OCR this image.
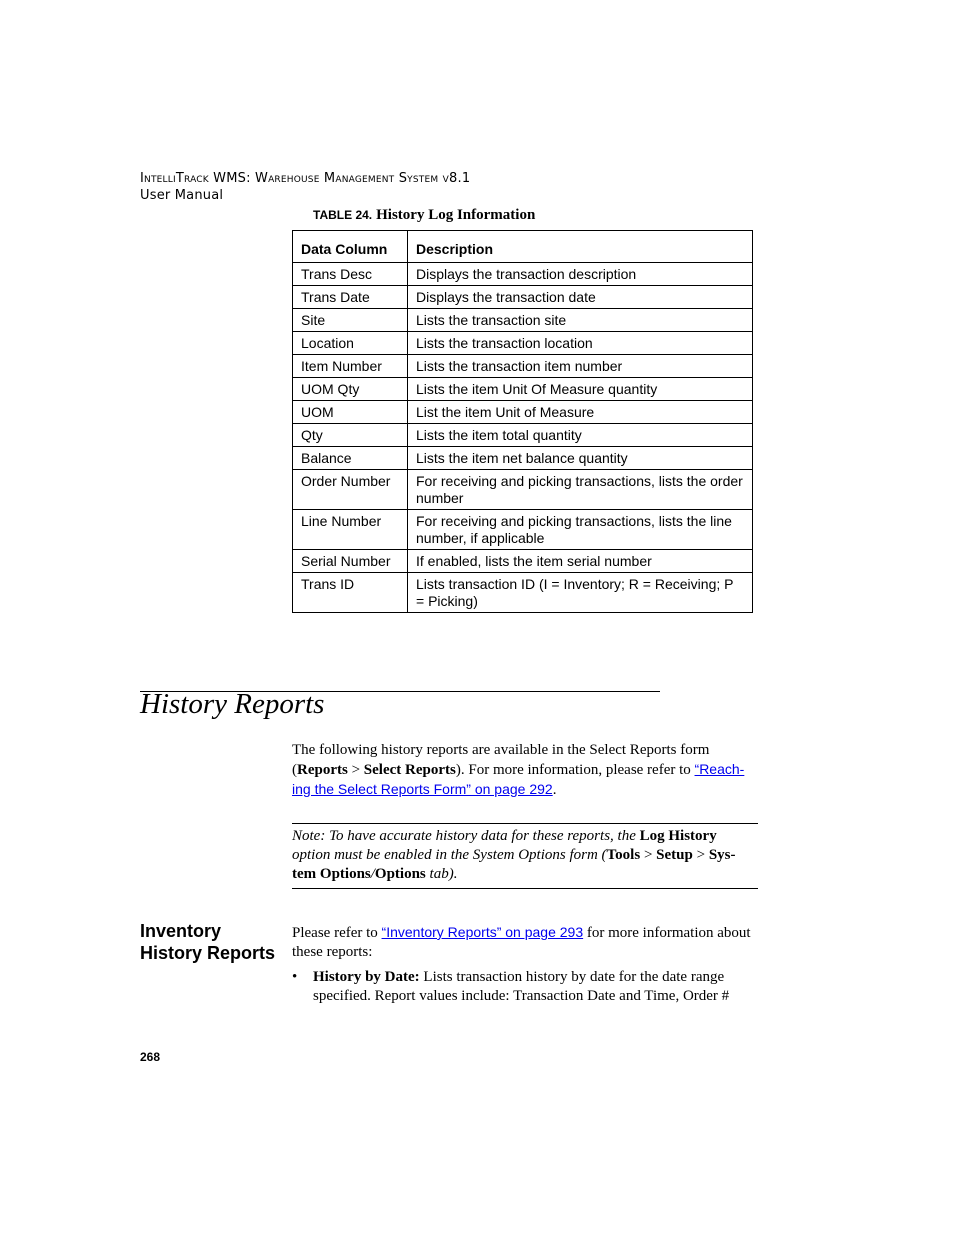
IntelliTrack WMS: Warehouse Management System v8.1
User Manual
TABLE 24. History Log Information
Data Column	Description
Trans Desc	Displays the transaction description
Trans Date	Displays the transaction date
Site	Lists the transaction site
Location	Lists the transaction location
Item Number	Lists the transaction item number
UOM Qty	Lists the item Unit Of Measure quantity
UOM	List the item Unit of Measure
Qty	Lists the item total quantity
Balance	Lists the item net balance quantity
Order Number	For receiving and picking transactions, lists the order number
Line Number	For receiving and picking transactions, lists the line number, if applicable
Serial Number	If enabled, lists the item serial number
Trans ID	Lists transaction ID (I = Inventory; R = Receiving; P = Picking)
History Reports
The following history reports are available in the Select Reports form (Reports > Select Reports). For more information, please refer to “Reach-ing the Select Reports Form” on page 292.
Note: To have accurate history data for these reports, the Log History option must be enabled in the System Options form (Tools > Setup > Sys-tem Options/Options tab).
Inventory History Reports
Please refer to “Inventory Reports” on page 293 for more information about these reports:
• History by Date: Lists transaction history by date for the date range specified. Report values include: Transaction Date and Time, Order #
268
